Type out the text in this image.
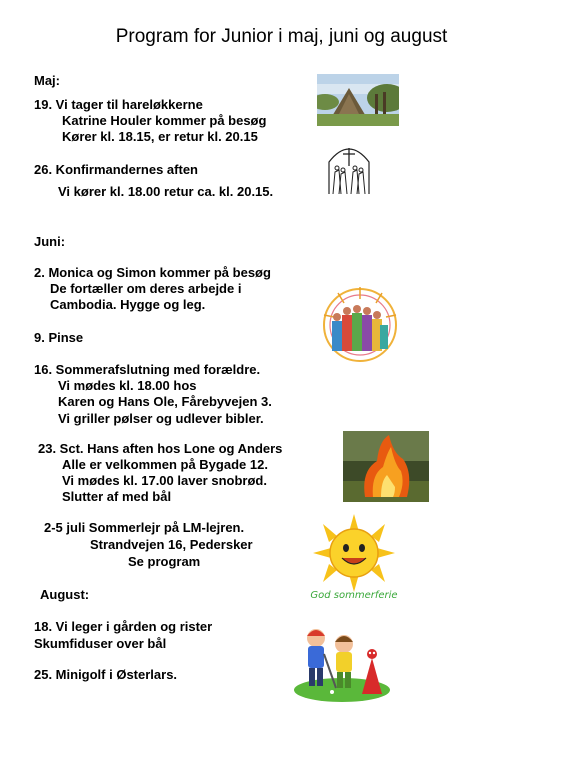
Program for Junior i maj, juni og august
Maj:
19. Vi tager til hareløkkerne
Katrine Houler kommer på besøg
Kører kl. 18.15, er retur kl. 20.15
26. Konfirmandernes aften
Vi kører kl. 18.00 retur ca. kl. 20.15.
Juni:
2. Monica og Simon kommer på besøg
De fortæller om deres arbejde i
Cambodia. Hygge og leg.
9. Pinse
16. Sommerafslutning med forældre.
Vi mødes kl. 18.00 hos
Karen og Hans Ole, Fårebyvejen 3.
Vi griller pølser og udlever bibler.
23. Sct. Hans aften hos Lone og Anders
Alle er velkommen på Bygade 12.
Vi mødes kl. 17.00 laver snobrød.
Slutter af med bål
2-5 juli Sommerlejr på LM-lejren.
Strandvejen 16, Pedersker
Se program
August:
18. Vi leger i gården og rister
Skumfiduser over bål
25. Minigolf i Østerlars.
God sommerferie
